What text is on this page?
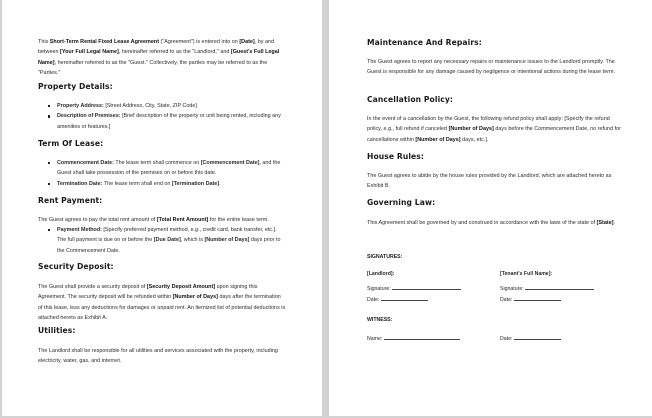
This Short-Term Rental Fixed Lease Agreement ("Agreement") is entered into on [Date], by and between [Your Full Legal Name], hereinafter referred to as the "Landlord," and [Guest's Full Legal Name], hereinafter referred to as the "Guest." Collectively, the parties may be referred to as the "Parties."

Property Details:
Property Address: [Street Address, City, State, ZIP Code]
Description of Premises: [Brief description of the property or unit being rented, including any amenities or features.]
Term Of Lease:
Commencement Date: The lease term shall commence on [Commencement Date], and the Guest shall take possession of the premises on or before this date.
Termination Date: The lease term shall end on [Termination Date].
Rent Payment:

The Guest agrees to pay the total rent amount of [Total Rent Amount] for the entire lease term.

Payment Method: [Specify preferred payment method, e.g., credit card, bank transfer, etc.]. The full payment is due on or before the [Due Date], which is [Number of Days] days prior to the Commencement Date.
Security Deposit:

The Guest shall provide a security deposit of [Security Deposit Amount] upon signing this Agreement. The security deposit will be refunded within [Number of Days] days after the termination of this lease, less any deductions for damages or unpaid rent. An itemized list of potential deductions is attached hereto as Exhibit A.

Utilities:

The Landlord shall be responsible for all utilities and services associated with the property, including electricity, water, gas, and internet.

Maintenance And Repairs:

The Guest agrees to report any necessary repairs or maintenance issues to the Landlord promptly. The Guest is responsible for any damage caused by negligence or intentional actions during the lease term.

Cancellation Policy:

In the event of a cancellation by the Guest, the following refund policy shall apply: [Specify the refund policy, e.g., full refund if canceled [Number of Days] days before the Commencement Date, no refund for cancellations within [Number of Days] days, etc.].

House Rules:

The Guest agrees to abide by the house rules provided by the Landlord, which are attached hereto as Exhibit B.

Governing Law:

This Agreement shall be governed by and construed in accordance with the laws of the state of [State].

SIGNATURES:
[Landlord]:	[Tenant's Full Name]:
Signature:	Signature:
Date:	Date:
WITNESS:
Name:	Date:
